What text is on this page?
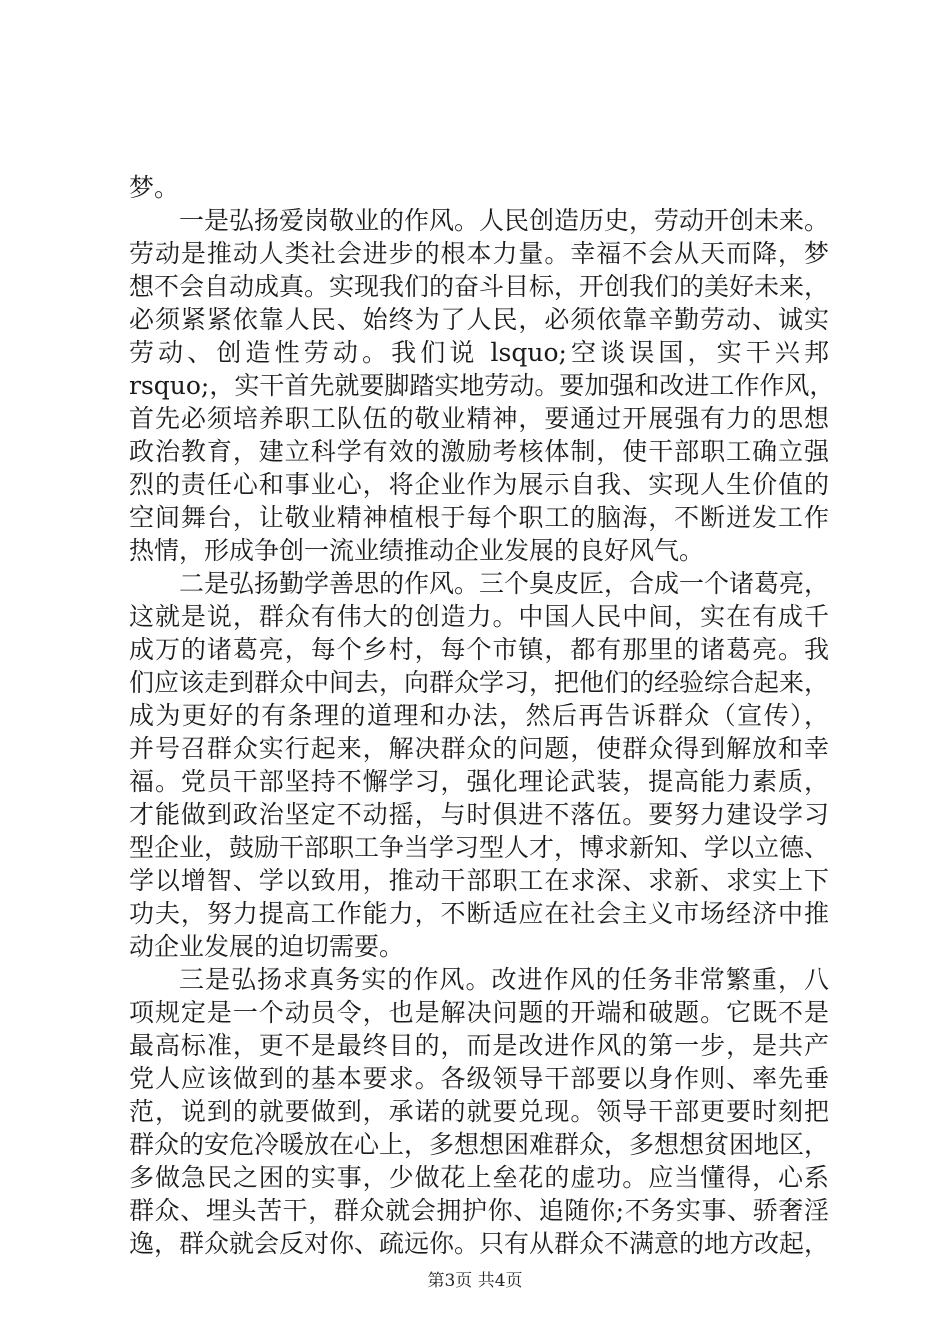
梦。
一是弘扬爱岗敬业的作风。人民创造历史，劳动开创未来。
劳动是推动人类社会进步的根本力量。幸福不会从天而降，梦
想不会自动成真。实现我们的奋斗目标，开创我们的美好未来，
必须紧紧依靠人民、始终为了人民，必须依靠辛勤劳动、诚实
劳动、创造性劳动。我们说 lsquo;空谈误国，实干兴邦
rsquo;，实干首先就要脚踏实地劳动。要加强和改进工作作风，
首先必须培养职工队伍的敬业精神，要通过开展强有力的思想
政治教育，建立科学有效的激励考核体制，使干部职工确立强
烈的责任心和事业心，将企业作为展示自我、实现人生价值的
空间舞台，让敬业精神植根于每个职工的脑海，不断迸发工作
热情，形成争创一流业绩推动企业发展的良好风气。
二是弘扬勤学善思的作风。三个臭皮匠，合成一个诸葛亮，
这就是说，群众有伟大的创造力。中国人民中间，实在有成千
成万的诸葛亮，每个乡村，每个市镇，都有那里的诸葛亮。我
们应该走到群众中间去，向群众学习，把他们的经验综合起来，
成为更好的有条理的道理和办法，然后再告诉群众（宣传），
并号召群众实行起来，解决群众的问题，使群众得到解放和幸
福。党员干部坚持不懈学习，强化理论武装，提高能力素质，
才能做到政治坚定不动摇，与时俱进不落伍。要努力建设学习
型企业，鼓励干部职工争当学习型人才，博求新知、学以立德、
学以增智、学以致用，推动干部职工在求深、求新、求实上下
功夫，努力提高工作能力，不断适应在社会主义市场经济中推
动企业发展的迫切需要。
三是弘扬求真务实的作风。改进作风的任务非常繁重，八
项规定是一个动员令，也是解决问题的开端和破题。它既不是
最高标准，更不是最终目的，而是改进作风的第一步，是共产
党人应该做到的基本要求。各级领导干部要以身作则、率先垂
范，说到的就要做到，承诺的就要兑现。领导干部更要时刻把
群众的安危冷暖放在心上，多想想困难群众，多想想贫困地区，
多做急民之困的实事，少做花上垒花的虚功。应当懂得，心系
群众、埋头苦干，群众就会拥护你、追随你;不务实事、骄奢淫
逸，群众就会反对你、疏远你。只有从群众不满意的地方改起，
第3页 共4页
